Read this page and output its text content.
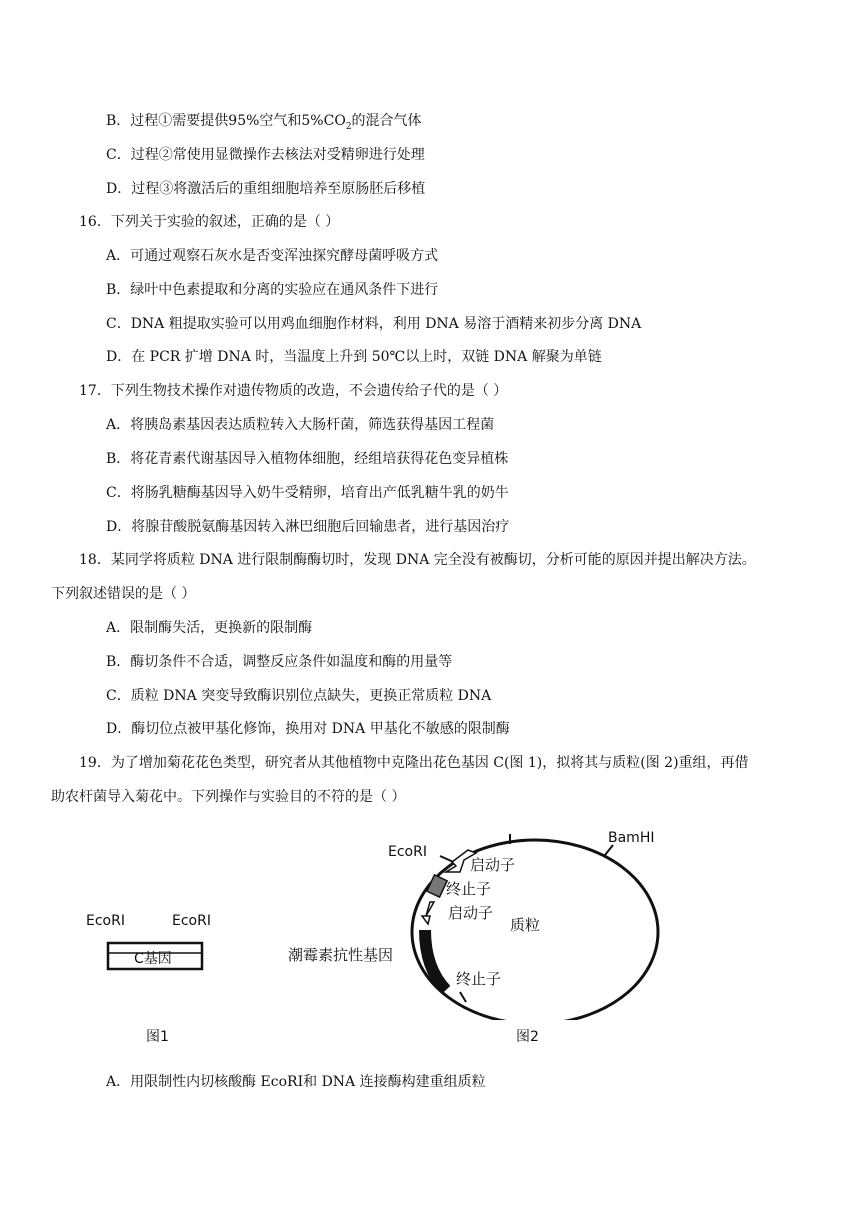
B．过程①需要提供95%空气和$5\%CO_2$的混合气体
C．过程②常使用显微操作去核法对受精卵进行处理
D．过程③将激活后的重组细胞培养至原肠胚后移植
16．下列关于实验的叙述，正确的是（ ）
A．可通过观察石灰水是否变浑浊探究酵母菌呼吸方式
B．绿叶中色素提取和分离的实验应在通风条件下进行
C．DNA 粗提取实验可以用鸡血细胞作材料，利用 DNA 易溶于酒精来初步分离 DNA
D．在 PCR 扩增 DNA 时，当温度上升到 50℃以上时，双链 DNA 解聚为单链
17．下列生物技术操作对遗传物质的改造，不会遗传给子代的是（ ）
A．将胰岛素基因表达质粒转入大肠杆菌，筛选获得基因工程菌
B．将花青素代谢基因导入植物体细胞，经组培获得花色变异植株
C．将肠乳糖酶基因导入奶牛受精卵，培育出产低乳糖牛乳的奶牛
D．将腺苷酸脱氨酶基因转入淋巴细胞后回输患者，进行基因治疗
18．某同学将质粒 DNA 进行限制酶酶切时，发现 DNA 完全没有被酶切，分析可能的原因并提出解决方法。
下列叙述错误的是（ ）
A．限制酶失活，更换新的限制酶
B．酶切条件不合适，调整反应条件如温度和酶的用量等
C．质粒 DNA 突变导致酶识别位点缺失，更换正常质粒 DNA
D．酶切位点被甲基化修饰，换用对 DNA 甲基化不敏感的限制酶
19．为了增加菊花花色类型，研究者从其他植物中克隆出花色基因 C(图 1)，拟将其与质粒(图 2)重组，再借
助农杆菌导入菊花中。下列操作与实验目的不符的是（ ）
EcoRⅠ	EcoRⅠ
C基因
图1
EcoRⅠ
BamHⅠ
启动子
终止子
启动子
质粒
潮霉素抗性基因
终止子
图2
A．用限制性内切核酸酶 EcoRⅠ和 DNA 连接酶构建重组质粒
